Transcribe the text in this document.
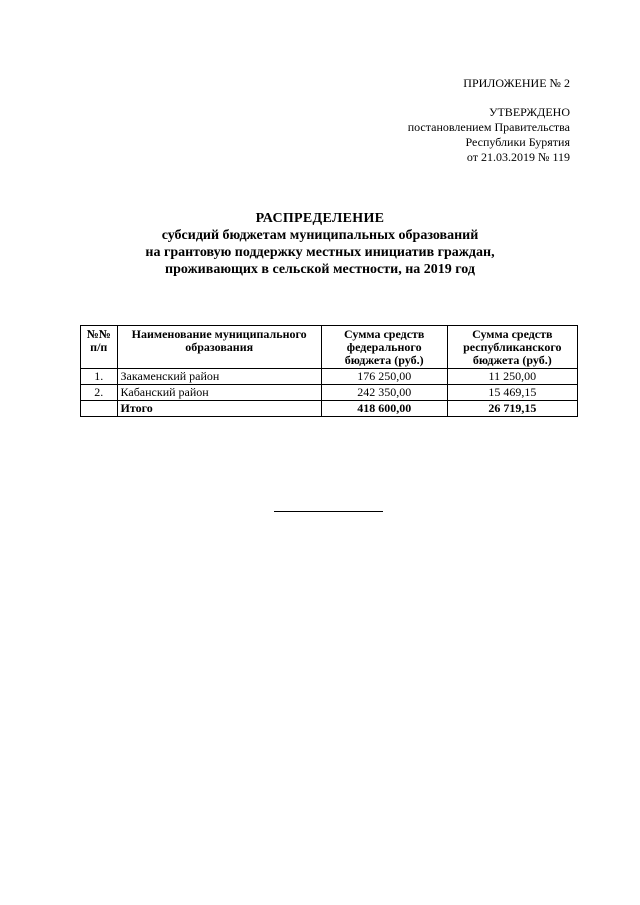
ПРИЛОЖЕНИЕ № 2
УТВЕРЖДЕНО
постановлением Правительства
Республики Бурятия
от 21.03.2019 № 119
РАСПРЕДЕЛЕНИЕ
субсидий бюджетам муниципальных образований
на грантовую поддержку местных инициатив граждан,
проживающих в сельской местности, на 2019 год
№№ п/п	Наименование муниципального образования	Сумма средств федерального бюджета (руб.)	Сумма средств республиканского бюджета (руб.)
1.	Закаменский район	176 250,00	11 250,00
2.	Кабанский район	242 350,00	15 469,15
	Итого	418 600,00	26 719,15
